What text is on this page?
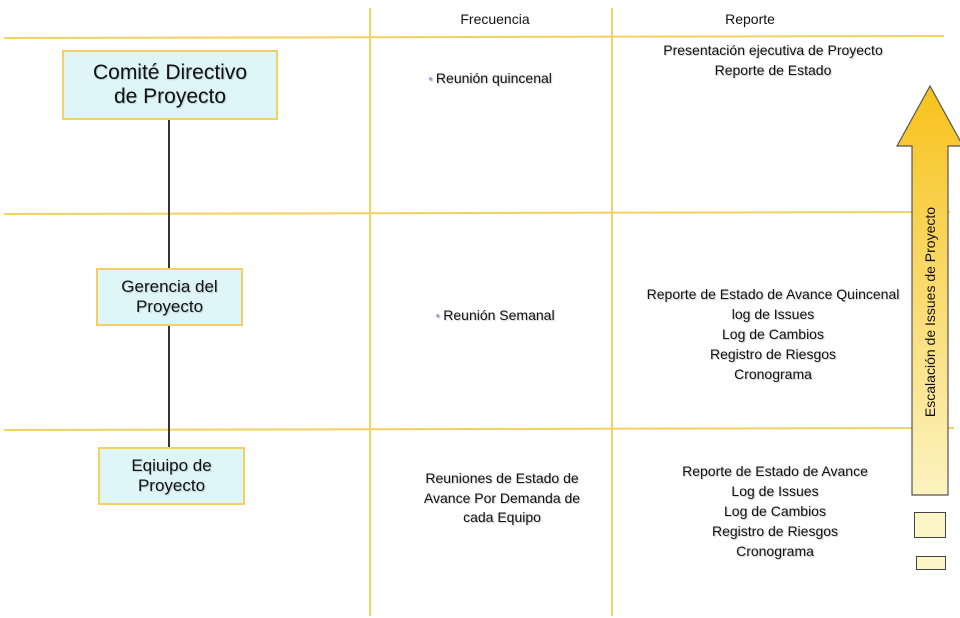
Frecuencia	Reporte
Comité Directivo
de Proyecto
Gerencia del
Proyecto
Eqiuipo de
Proyecto

● Reunión quincenal

● Reunión Semanal

Reuniones de Estado de
Avance Por Demanda de
cada Equipo
Presentación ejecutiva de Proyecto
Reporte de Estado
Reporte de Estado de Avance Quincenal
log de Issues
Log de Cambios
Registro de Riesgos
Cronograma
Reporte de Estado de Avance
Log de Issues
Log de Cambios
Registro de Riesgos
Cronograma
Escalación de Issues de Proyecto
